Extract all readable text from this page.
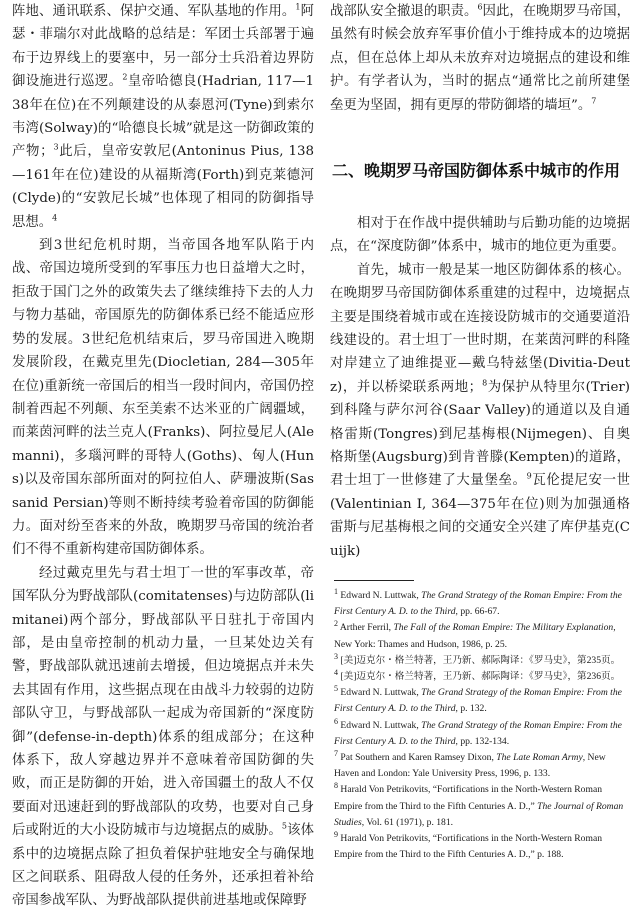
阵地、通讯联系、保护交通、军队基地的作用。$^1$阿瑟・菲瑞尔对此战略的总结是：军团士兵部署于遍布于边界线上的要塞中，另一部分士兵沿着边界防御设施进行巡逻。$^2$皇帝哈德良(Hadrian, 117—138年在位)在不列颠建设的从泰恩河(Tyne)到索尔韦湾(Solway)的“哈德良长城”就是这一防御政策的产物；$^3$此后，皇帝安敦尼(Antoninus Pius, 138—161年在位)建设的从福斯湾(Forth)到克莱德河(Clyde)的“安敦尼长城”也体现了相同的防御指导思想。$^4$

到3世纪危机时期，当帝国各地军队陷于内战、帝国边境所受到的军事压力也日益增大之时，拒敌于国门之外的政策失去了继续维持下去的人力与物力基础，帝国原先的防御体系已经不能适应形势的发展。3世纪危机结束后，罗马帝国进入晚期发展阶段，在戴克里先(Diocletian, 284—305年在位)重新统一帝国后的相当一段时间内，帝国仍控制着西起不列颠、东至美索不达米亚的广阔疆域，而莱茵河畔的法兰克人(Franks)、阿拉曼尼人(Alemanni)，多瑙河畔的哥特人(Goths)、匈人(Huns)以及帝国东部所面对的阿拉伯人、萨珊波斯(Sassanid Persian)等则不断持续考验着帝国的防御能力。面对纷至沓来的外敌，晚期罗马帝国的统治者们不得不重新构建帝国防御体系。

经过戴克里先与君士坦丁一世的军事改革，帝国军队分为野战部队(comitatenses)与边防部队(limitanei)两个部分，野战部队平日驻扎于帝国内部，是由皇帝控制的机动力量，一旦某处边关有警，野战部队就迅速前去增援，但边境据点并未失去其固有作用，这些据点现在由战斗力较弱的边防部队守卫，与野战部队一起成为帝国新的“深度防御”(defense-in-depth)体系的组成部分；在这种体系下，敌人穿越边界并不意味着帝国防御的失败，而正是防御的开始，进入帝国疆土的敌人不仅要面对迅速赶到的野战部队的攻势，也要对自己身后或附近的大小设防城市与边境据点的威胁。$^5$该体系中的边境据点除了担负着保护驻地安全与确保地区之间联系、阻碍敌人侵的任务外，还承担着补给帝国参战军队、为野战部队提供前进基地或保障野

战部队安全撤退的职责。$^6$因此，在晚期罗马帝国，虽然有时候会放弃军事价值小于维持成本的边境据点，但在总体上却从未放弃对边境据点的建设和维护。有学者认为，当时的据点“通常比之前所建堡垒更为坚固，拥有更厚的带防御塔的墙垣”。$^7$

二、晚期罗马帝国防御体系中城市的作用

相对于在作战中提供辅助与后勤功能的边境据点，在“深度防御”体系中，城市的地位更为重要。

首先，城市一般是某一地区防御体系的核心。在晚期罗马帝国防御体系重建的过程中，边境据点主要是围绕着城市或在连接设防城市的交通要道沿线建设的。君士坦丁一世时期，在莱茵河畔的科隆对岸建立了迪维提亚—戴乌特兹堡(Divitia-Deutz)，并以桥梁联系两地；$^8$为保护从特里尔(Trier)到科隆与萨尔河谷(Saar Valley)的通道以及自通格雷斯(Tongres)到尼基梅根(Nijmegen)、自奥格斯堡(Augsburg)到肯普滕(Kempten)的道路，君士坦丁一世修建了大量堡垒。$^9$瓦伦提尼安一世(Valentinian I, 364—375年在位)则为加强通格雷斯与尼基梅根之间的交通安全兴建了库伊基克(Cuijk)

$^1$ Edward N. Luttwak, The Grand Strategy of the Roman Empire: From the First Century A. D. to the Third, pp. 66-67.

$^2$ Arther Ferril, The Fall of the Roman Empire: The Military Explanation, New York: Thames and Hudson, 1986, p. 25.

$^3$ [美]迈克尔・格兰特著，王乃新、郝际陶译：《罗马史》，第235页。

$^4$ [美]迈克尔・格兰特著，王乃新、郝际陶译：《罗马史》，第236页。

$^5$ Edward N. Luttwak, The Grand Strategy of the Roman Empire: From the First Century A. D. to the Third, p. 132.

$^6$ Edward N. Luttwak, The Grand Strategy of the Roman Empire: From the First Century A. D. to the Third, pp. 132-134.

$^7$ Pat Southern and Karen Ramsey Dixon, The Late Roman Army, New Haven and London: Yale University Press, 1996, p. 133.

$^8$ Harald Von Petrikovits, “Fortifications in the North-Western Roman Empire from the Third to the Fifth Centuries A. D.,” The Journal of Roman Studies, Vol. 61 (1971), p. 181.

$^9$ Harald Von Petrikovits, “Fortifications in the North-Western Roman Empire from the Third to the Fifth Centuries A. D.,” p. 188.
